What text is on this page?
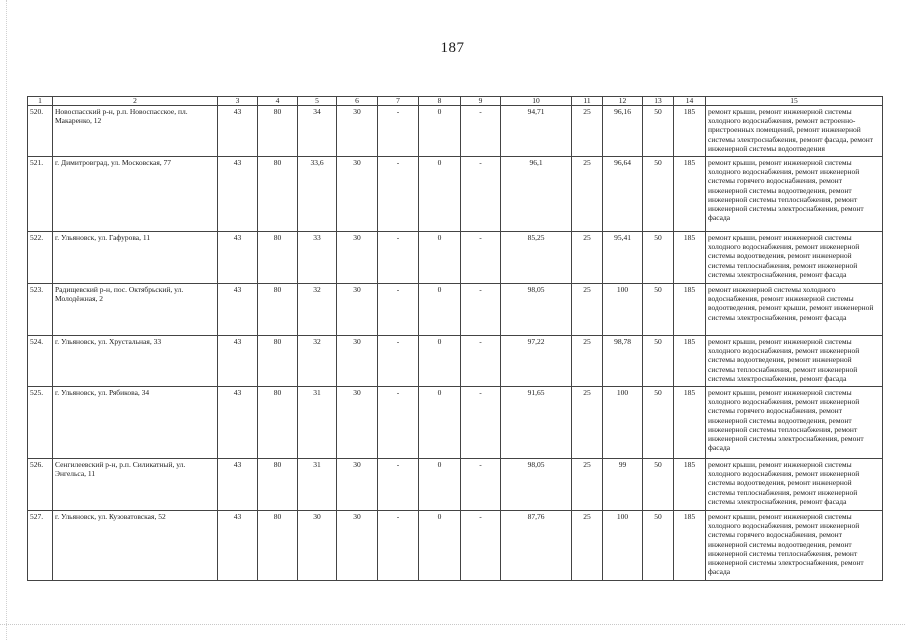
187
1	2	3	4	5	6	7	8	9	10	11	12	13	14	15
520.	Новоспасский р-н, р.п. Новоспасское, пл. Макаренко, 12	43	80	34	30	-	0	-	94,71	25	96,16	50	185	ремонт крыши, ремонт инженерной системы холодного водоснабжения, ремонт встроенно-пристроенных помещений, ремонт инженерной системы электроснабжения, ремонт фасада, ремонт инженерной системы водоотведения
521.	г. Димитровград, ул. Московская, 77	43	80	33,6	30	-	0	-	96,1	25	96,64	50	185	ремонт крыши, ремонт инженерной системы холодного водоснабжения, ремонт инженерной системы горячего водоснабжения, ремонт инженерной системы водоотведения, ремонт инженерной системы теплоснабжения, ремонт инженерной системы электроснабжения, ремонт фасада
522.	г. Ульяновск, ул. Гафурова, 11	43	80	33	30	-	0	-	85,25	25	95,41	50	185	ремонт крыши, ремонт инженерной системы холодного водоснабжения, ремонт инженерной системы водоотведения, ремонт инженерной системы теплоснабжения, ремонт инженерной системы электроснабжения, ремонт фасада
523.	Радищевский р-н, пос. Октябрьский, ул. Молодёжная, 2	43	80	32	30	-	0	-	98,05	25	100	50	185	ремонт инженерной системы холодного водоснабжения, ремонт инженерной системы водоотведения, ремонт крыши, ремонт инженерной системы электроснабжения, ремонт фасада
524.	г. Ульяновск, ул. Хрустальная, 33	43	80	32	30	-	0	-	97,22	25	98,78	50	185	ремонт крыши, ремонт инженерной системы холодного водоснабжения, ремонт инженерной системы водоотведения, ремонт инженерной системы теплоснабжения, ремонт инженерной системы электроснабжения, ремонт фасада
525.	г. Ульяновск, ул. Рябикова, 34	43	80	31	30	-	0	-	91,65	25	100	50	185	ремонт крыши, ремонт инженерной системы холодного водоснабжения, ремонт инженерной системы горячего водоснабжения, ремонт инженерной системы водоотведения, ремонт инженерной системы теплоснабжения, ремонт инженерной системы электроснабжения, ремонт фасада
526.	Сенгилеевский р-н, р.п. Силикатный, ул. Энгельса, 11	43	80	31	30	-	0	-	98,05	25	99	50	185	ремонт крыши, ремонт инженерной системы холодного водоснабжения, ремонт инженерной системы водоотведения, ремонт инженерной системы теплоснабжения, ремонт инженерной системы электроснабжения, ремонт фасада
527.	г. Ульяновск, ул. Кузоватовская, 52	43	80	30	30	-	0	-	87,76	25	100	50	185	ремонт крыши, ремонт инженерной системы холодного водоснабжения, ремонт инженерной системы горячего водоснабжения, ремонт инженерной системы водоотведения, ремонт инженерной системы теплоснабжения, ремонт инженерной системы электроснабжения, ремонт фасада
